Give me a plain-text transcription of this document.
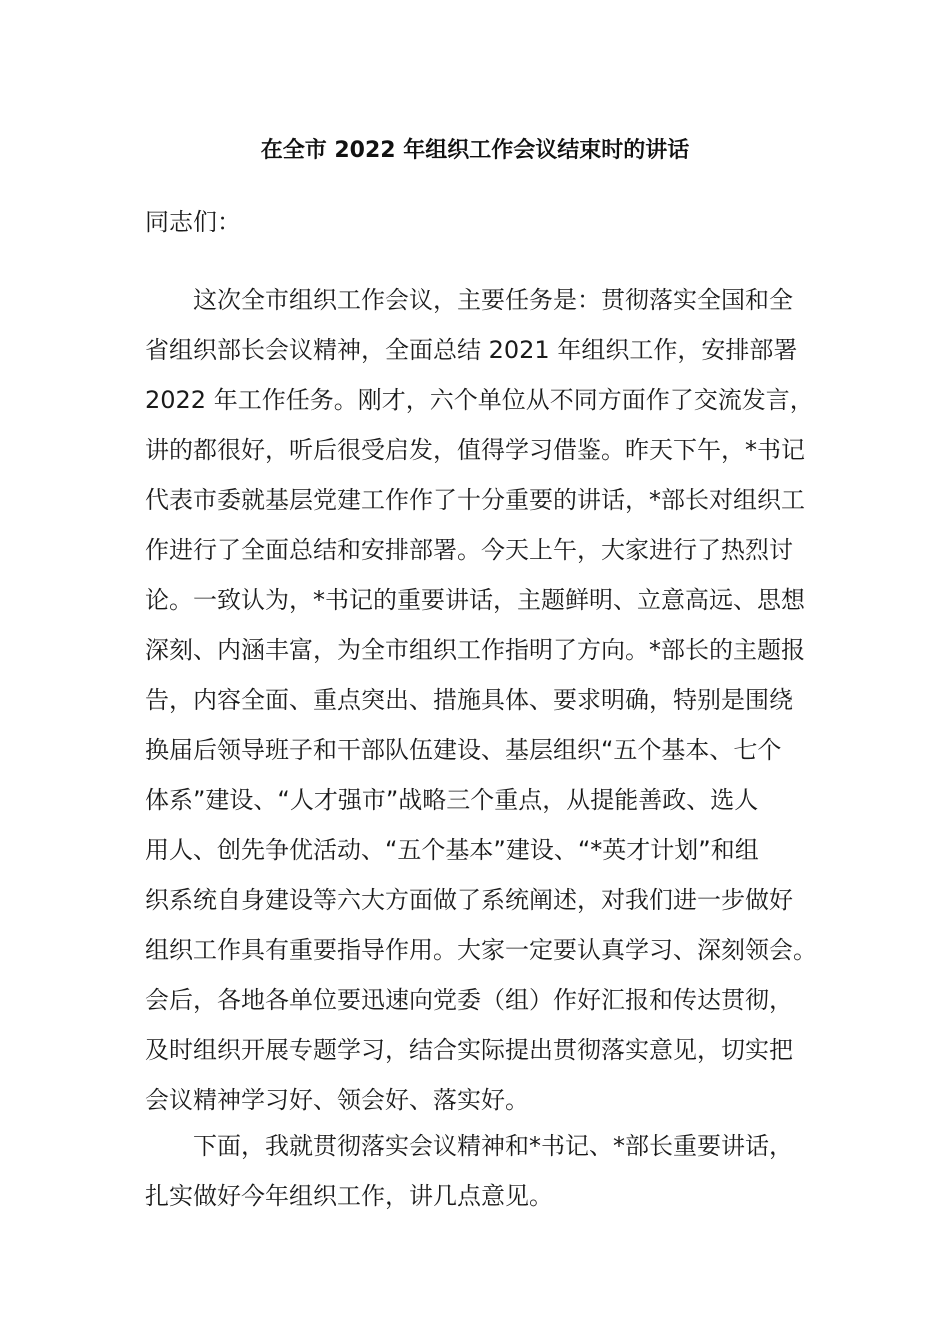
在全市 2022 年组织工作会议结束时的讲话
同志们：
这次全市组织工作会议，主要任务是：贯彻落实全国和全
省组织部长会议精神，全面总结 2021 年组织工作，安排部署
2022 年工作任务。刚才，六个单位从不同方面作了交流发言，
讲的都很好，听后很受启发，值得学习借鉴。昨天下午，*书记
代表市委就基层党建工作作了十分重要的讲话，*部长对组织工
作进行了全面总结和安排部署。今天上午，大家进行了热烈讨
论。一致认为，*书记的重要讲话，主题鲜明、立意高远、思想
深刻、内涵丰富，为全市组织工作指明了方向。*部长的主题报
告，内容全面、重点突出、措施具体、要求明确，特别是围绕
换届后领导班子和干部队伍建设、基层组织“五个基本、七个
体系”建设、“人才强市”战略三个重点，从提能善政、选人
用人、创先争优活动、“五个基本”建设、“*英才计划”和组
织系统自身建设等六大方面做了系统阐述，对我们进一步做好
组织工作具有重要指导作用。大家一定要认真学习、深刻领会。
会后，各地各单位要迅速向党委（组）作好汇报和传达贯彻，
及时组织开展专题学习，结合实际提出贯彻落实意见，切实把
会议精神学习好、领会好、落实好。
下面，我就贯彻落实会议精神和*书记、*部长重要讲话，
扎实做好今年组织工作，讲几点意见。
